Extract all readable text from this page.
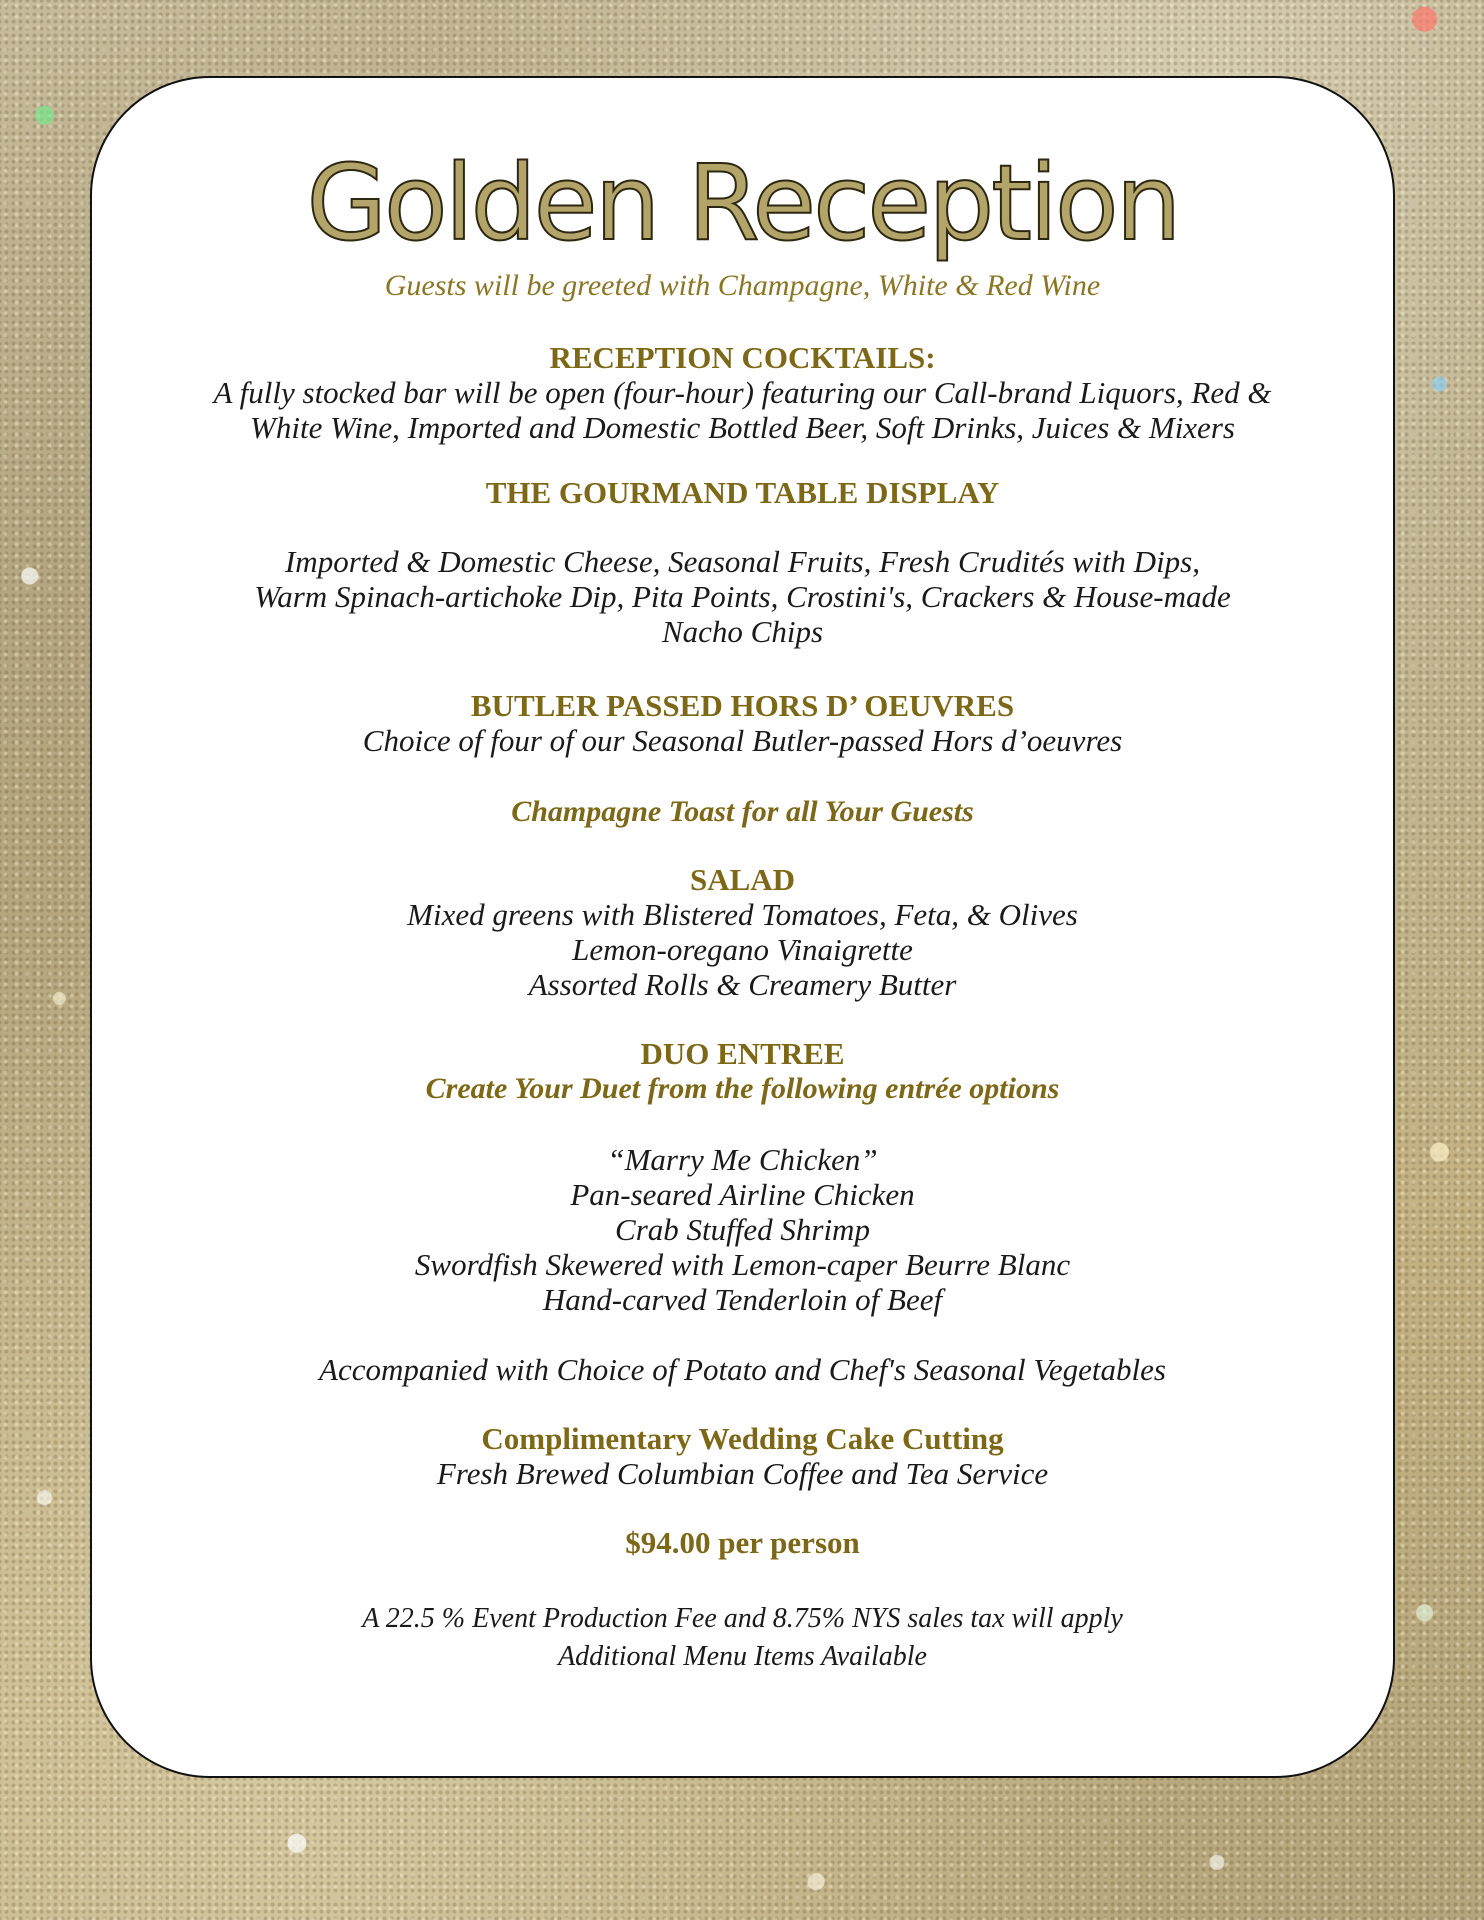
Golden Reception

Guests will be greeted with Champagne, White & Red Wine

RECEPTION COCKTAILS:

A fully stocked bar will be open (four-hour) featuring our Call-brand Liquors, Red &

White Wine, Imported and Domestic Bottled Beer, Soft Drinks, Juices & Mixers

THE GOURMAND TABLE DISPLAY

Imported & Domestic Cheese, Seasonal Fruits, Fresh Crudités with Dips,

Warm Spinach-artichoke Dip, Pita Points, Crostini's, Crackers & House-made

Nacho Chips

BUTLER PASSED HORS D’ OEUVRES

Choice of four of our Seasonal Butler-passed Hors d’oeuvres

Champagne Toast for all Your Guests

SALAD

Mixed greens with Blistered Tomatoes, Feta, & Olives

Lemon-oregano Vinaigrette

Assorted Rolls & Creamery Butter

DUO ENTREE

Create Your Duet from the following entrée options

“Marry Me Chicken”

Pan-seared Airline Chicken

Crab Stuffed Shrimp

Swordfish Skewered with Lemon-caper Beurre Blanc

Hand-carved Tenderloin of Beef

Accompanied with Choice of Potato and Chef's Seasonal Vegetables

Complimentary Wedding Cake Cutting

Fresh Brewed Columbian Coffee and Tea Service

$94.00 per person

A 22.5 % Event Production Fee and 8.75% NYS sales tax will apply

Additional Menu Items Available
